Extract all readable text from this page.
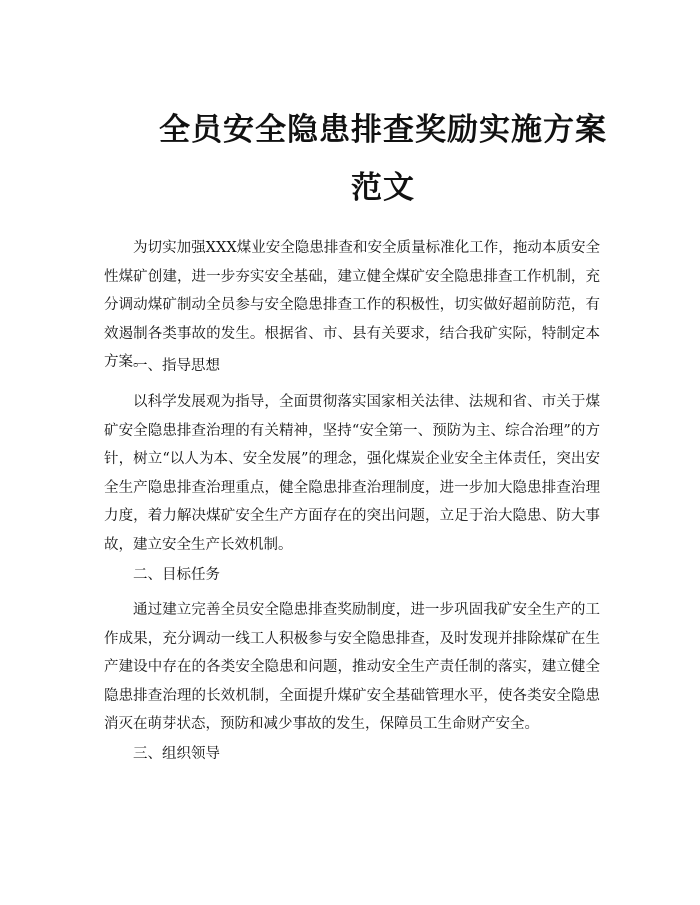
全员安全隐患排查奖励实施方案
范文

为切实加强XXX煤业安全隐患排查和安全质量标准化工作，拖动本质安全性煤矿创建，进一步夯实安全基础，建立健全煤矿安全隐患排查工作机制，充分调动煤矿制动全员参与安全隐患排查工作的积极性，切实做好超前防范，有效遏制各类事故的发生。根据省、市、县有关要求，结合我矿实际，特制定本方案。

一、指导思想

以科学发展观为指导，全面贯彻落实国家相关法律、法规和省、市关于煤矿安全隐患排查治理的有关精神，坚持“安全第一、预防为主、综合治理”的方针，树立“以人为本、安全发展”的理念，强化煤炭企业安全主体责任，突出安全生产隐患排查治理重点，健全隐患排查治理制度，进一步加大隐患排查治理力度，着力解决煤矿安全生产方面存在的突出问题，立足于治大隐患、防大事故，建立安全生产长效机制。

二、目标任务

通过建立完善全员安全隐患排查奖励制度，进一步巩固我矿安全生产的工作成果，充分调动一线工人积极参与安全隐患排查，及时发现并排除煤矿在生产建设中存在的各类安全隐患和问题，推动安全生产责任制的落实，建立健全隐患排查治理的长效机制，全面提升煤矿安全基础管理水平，使各类安全隐患消灭在萌芽状态，预防和减少事故的发生，保障员工生命财产安全。

三、组织领导
